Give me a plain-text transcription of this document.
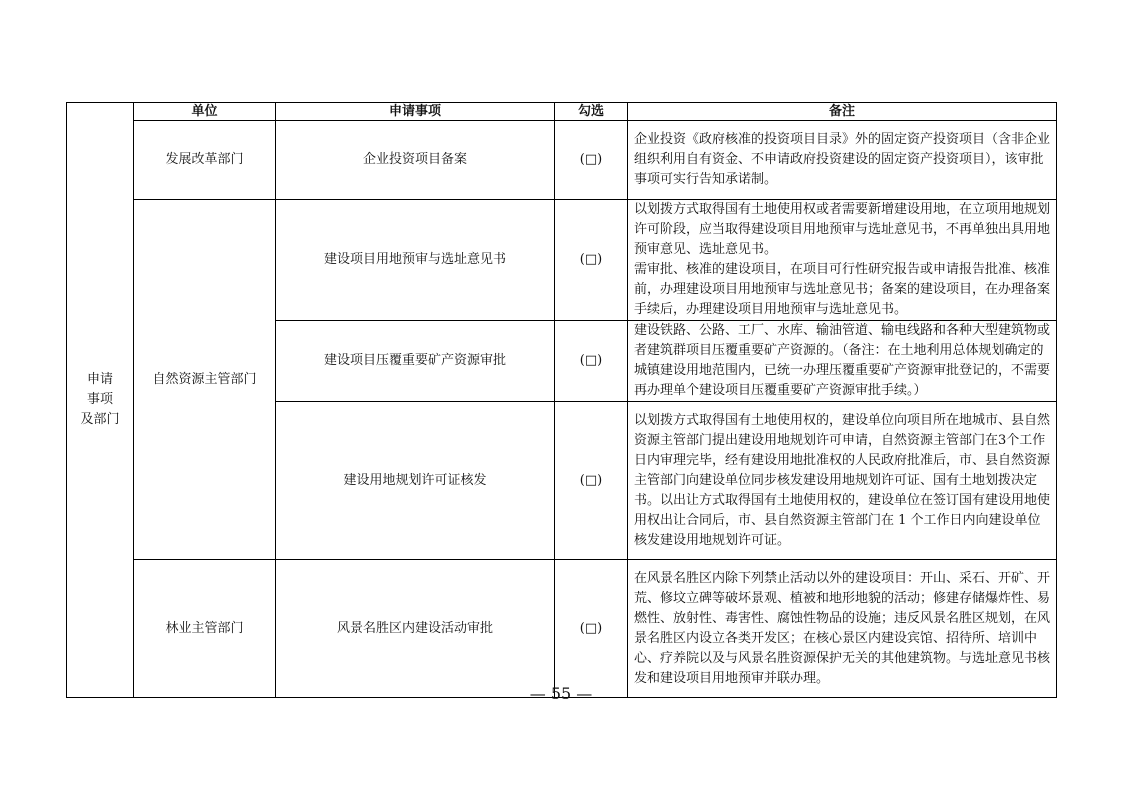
申请
事项
及部门	单位	申请事项	勾选	备注
	发展改革部门	企业投资项目备案	(□)	企业投资《政府核准的投资项目目录》外的固定资产投资项目（含非企业组织利用自有资金、不申请政府投资建设的固定资产投资项目），该审批事项可实行告知承诺制。

	自然资源主管部门	建设项目用地预审与选址意见书	(□)	以划拨方式取得国有土地使用权或者需要新增建设用地，在立项用地规划许可阶段，应当取得建设项目用地预审与选址意见书，不再单独出具用地预审意见、选址意见书。

需审批、核准的建设项目，在项目可行性研究报告或申请报告批准、核准前，办理建设项目用地预审与选址意见书；备案的建设项目，在办理备案手续后，办理建设项目用地预审与选址意见书。

		建设项目压覆重要矿产资源审批	(□)	建设铁路、公路、工厂、水库、输油管道、输电线路和各种大型建筑物或者建筑群项目压覆重要矿产资源的。（备注：在土地利用总体规划确定的城镇建设用地范围内，已统一办理压覆重要矿产资源审批登记的，不需要再办理单个建设项目压覆重要矿产资源审批手续。）

		建设用地规划许可证核发	(□)	以划拨方式取得国有土地使用权的，建设单位向项目所在地城市、县自然资源主管部门提出建设用地规划许可申请，自然资源主管部门在3个工作日内审理完毕，经有建设用地批准权的人民政府批准后，市、县自然资源主管部门向建设单位同步核发建设用地规划许可证、国有土地划拨决定书。以出让方式取得国有土地使用权的，建设单位在签订国有建设用地使用权出让合同后，市、县自然资源主管部门在 1 个工作日内向建设单位核发建设用地规划许可证。

	林业主管部门	风景名胜区内建设活动审批	(□)	在风景名胜区内除下列禁止活动以外的建设项目：开山、采石、开矿、开荒、修坟立碑等破坏景观、植被和地形地貌的活动；修建存储爆炸性、易燃性、放射性、毒害性、腐蚀性物品的设施；违反风景名胜区规划，在风景名胜区内设立各类开发区；在核心景区内建设宾馆、招待所、培训中心、疗养院以及与风景名胜资源保护无关的其他建筑物。与选址意见书核发和建设项目用地预审并联办理。

— 55 —
